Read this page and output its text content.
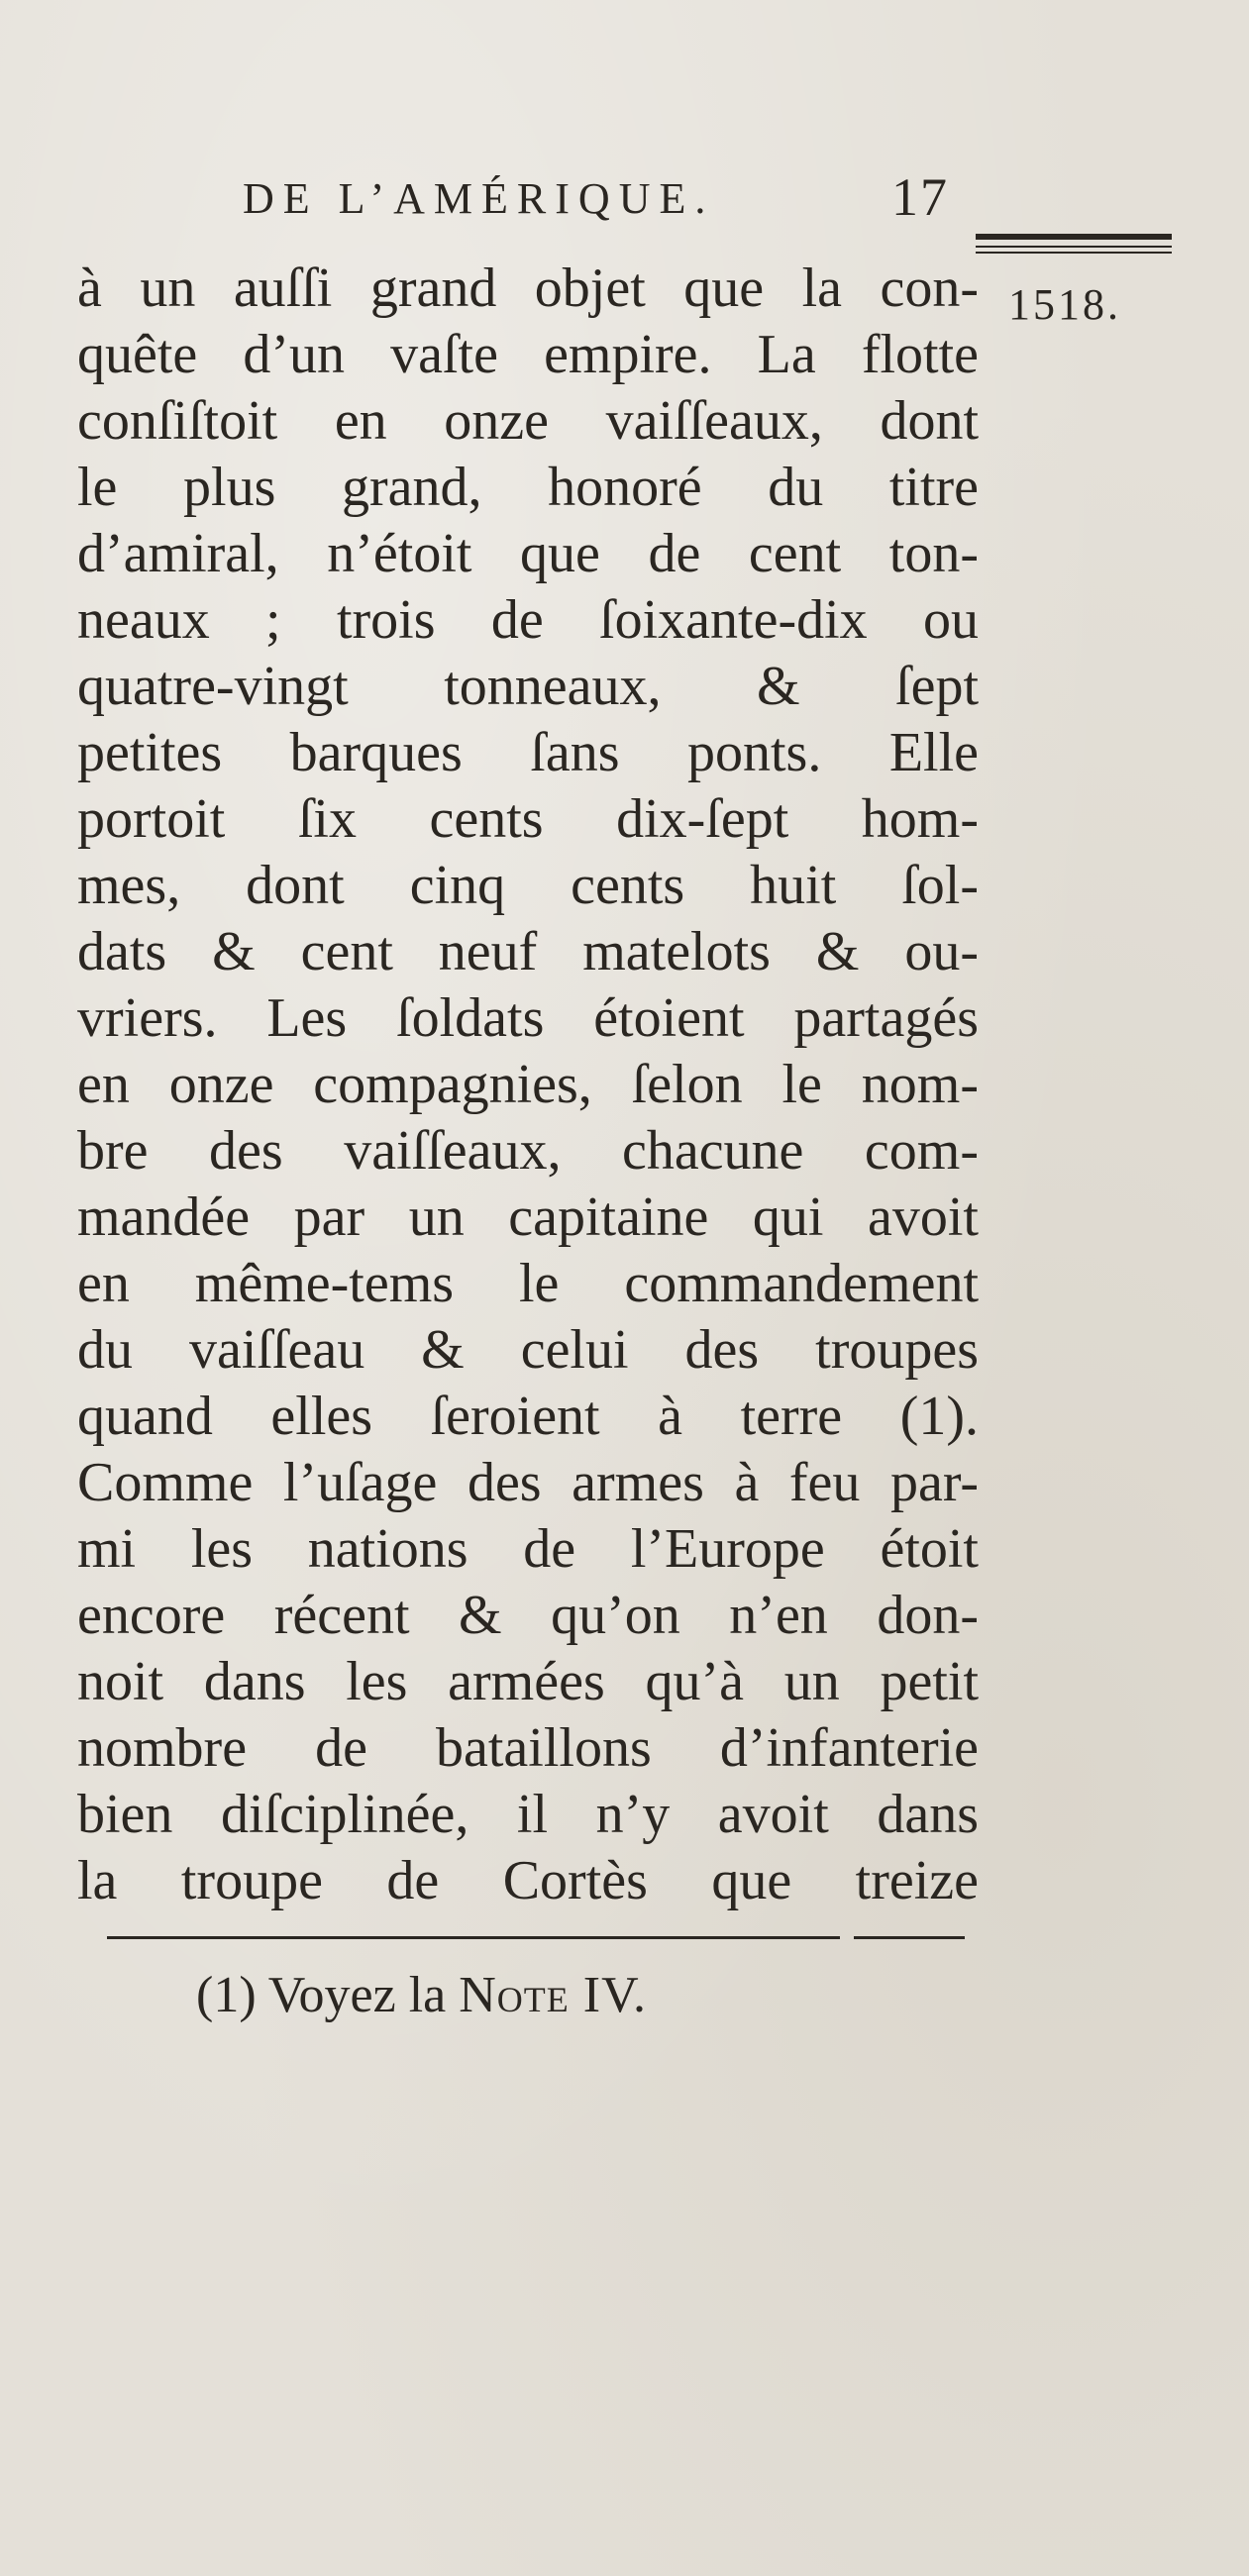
DE L’AMÉRIQUE.	17
1518.
à un auſſi grand objet que la con-
quête d’un vaſte empire. La flotte
conſiſtoit en onze vaiſſeaux, dont
le plus grand, honoré du titre
d’amiral, n’étoit que de cent ton-
neaux ; trois de ſoixante-dix ou
quatre-vingt tonneaux, & ſept
petites barques ſans ponts. Elle
portoit ſix cents dix-ſept hom-
mes, dont cinq cents huit ſol-
dats & cent neuf matelots & ou-
vriers. Les ſoldats étoient partagés
en onze compagnies, ſelon le nom-
bre des vaiſſeaux, chacune com-
mandée par un capitaine qui avoit
en même-tems le commandement
du vaiſſeau & celui des troupes
quand elles ſeroient à terre (1).
Comme l’uſage des armes à feu par-
mi les nations de l’Europe étoit
encore récent & qu’on n’en don-
noit dans les armées qu’à un petit
nombre de bataillons d’infanterie
bien diſciplinée, il n’y avoit dans
la troupe de Cortès que treize
(1) Voyez la Note IV.
